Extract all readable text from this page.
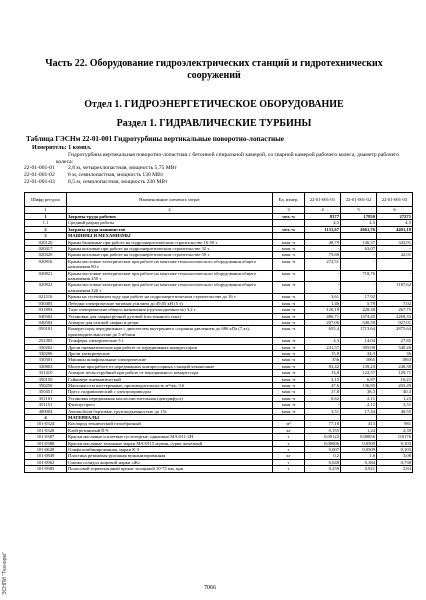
ЭСНПИ "Технорм"
Часть 22. Оборудование гидроэлектрических станций и гидротехнических сооружений
Отдел 1. ГИДРОЭНЕРГЕТИЧЕСКОЕ ОБОРУДОВАНИЕ
Раздел 1. ГИДРАВЛИЧЕСКИЕ ТУРБИНЫ
Таблица ГЭСНм 22-01-001 Гидротурбины вертикальные поворотно-лопастные
Измеритель: 1 компл.
Гидротурбина вертикальная поворотно-лопастная с бетонной спиральной камерой, со сварной камерой рабочего колеса, диаметр рабочего колеса:
22-01-001-01	2,8 м, четырехлопастная, мощность 5,75 МВт
22-01-001-02	6 м, семилопастная, мощность 130 МВт
22-01-001-03	8,5 м, семилопастная, мощность 230 МВт
Шифр ресурса	Наименование элемента затрат	Ед. измер.	22-01-001-01	22-01-001-02	22-01-001-03
1	2	3	4	5	6
1	Затраты труда рабочих	чел.-ч	8377	17850	27275
1.1	Средний разряд работы		4,5	4,5	4,5
2	Затраты труда машинистов	чел.-ч	1131,67	2661,76	4491,19
3	МАШИНЫ И МЕХАНИЗМЫ				
020120	Краны башенные при работе на гидроэнергетическом строительстве 16-50 т	маш.-ч	48,79	146,37	343,91
020417	Краны козловые при работе на гидроэнергетическом строительстве 32 т	маш.-ч	-	63,07	-
020420	Краны козловые при работе на гидроэнергетическом строительстве 50 т	маш.-ч	75,68	-	42,01
020816	Краны мостовые электрические при работе на монтаже технологического оборудования общего назначения 80 т	маш.-ч	272,51	-	-
020821	Краны мостовые электрические при работе на монтаже технологического оборудования общего назначения 250 т	маш.-ч	-	718,76	-
020822	Краны мостовые электрические при работе на монтаже технологического оборудования общего назначения 320 т	маш.-ч	-	-	1187,62
021216	Краны на гусеничном ходу при работе на гидроэнергетическом строительстве до 16 т	маш.-ч	3,61	17,92	-
030405	Лебедки электрические тяговым усилием до 49,05 кН (5 т)	маш.-ч	1,46	5,78	7,02
031894	Тали электрические общего назначения (грузоподъемность) 3,2 т	маш.-ч	120,19	228,48	267,75
040502	Установки для сварки ручной дуговой (постоянного тока)	маш.-ч	486,71	1374,45	2269,33
040504	Аппарат для газовой сварки и резки	маш.-ч	207,06	548,59	927,01
050101	Компрессоры передвижные с двигателем внутреннего сгорания давлением до 686 кПа (7 ат), производительностью до 5 м³/мин	маш.-ч	655,4	1713,64	2875,64
252305	Тельферы электрические 5 т	маш.-ч	4,3	14,04	27,85
330202	Дрели пневматические при работе от передвижных компрессоров	маш.-ч	241,57	395,08	540,26
330206	Дрели электрические	маш.-ч	15,8	34,3	36
330301	Машины шлифовальные электрические	маш.-ч	356	1065	1863
330803	Молотки при работе от передвижных компрессорных станций чеканочные	маш.-ч	83,42	139,23	240,38
331410	Аппарат пескоструйный при работе от передвижного компрессора	маш.-ч	13,8	122,57	129,71
350150	Гайковерт пневматический	маш.-ч	3,15	6,87	10,21
350250	Маслонасосы шестеренные, производительность м³/час 3,6	маш.-ч	47,6	136,85	203,49
350451	Пресс гидравлический с электроприводом	маш.-ч	17,8	38,3	40,3
351101	Установка передвижная маслоочистительная (центрифуга)	маш.-ч	0,62	2,11	1,23
351151	Фильтр-пресс	маш.-ч	-	2,12	3,51
400004	Автомобили бортовые, грузоподъемностью до 15т	маш.-ч	3,51	17,44	40,55
4	МАТЕРИАЛЫ				
101-0324	Кислород технический газообразный	м³	77,18	413	981
101-0328	Клей резиновый П-9	кг	0,155	1,24	2,39
101-0387	Краски масляные и клеевые густотертые, цинковые МА-011-2Н	т	0,00122	0,00856	0,0176
101-0388	Краски масляные земляные марки МА-0115 мумия, сурик железный	т	0,00606	0,0509	0,103
101-0628	Олифа комбинированная, марки К-3	т	0,007	0,0509	0,103
101-0849	Пластина резиновая рулонная вулканизированная	кг	0,2	1,6	3,08
101-0962	Смазка солидол жировой марки «Ж»	т	0,048	0,384	0,738
101-0985	Полосовой горячекатаный прокат толщиной 10-75 мм, при	т	0,259	0,921	2,84
7066
